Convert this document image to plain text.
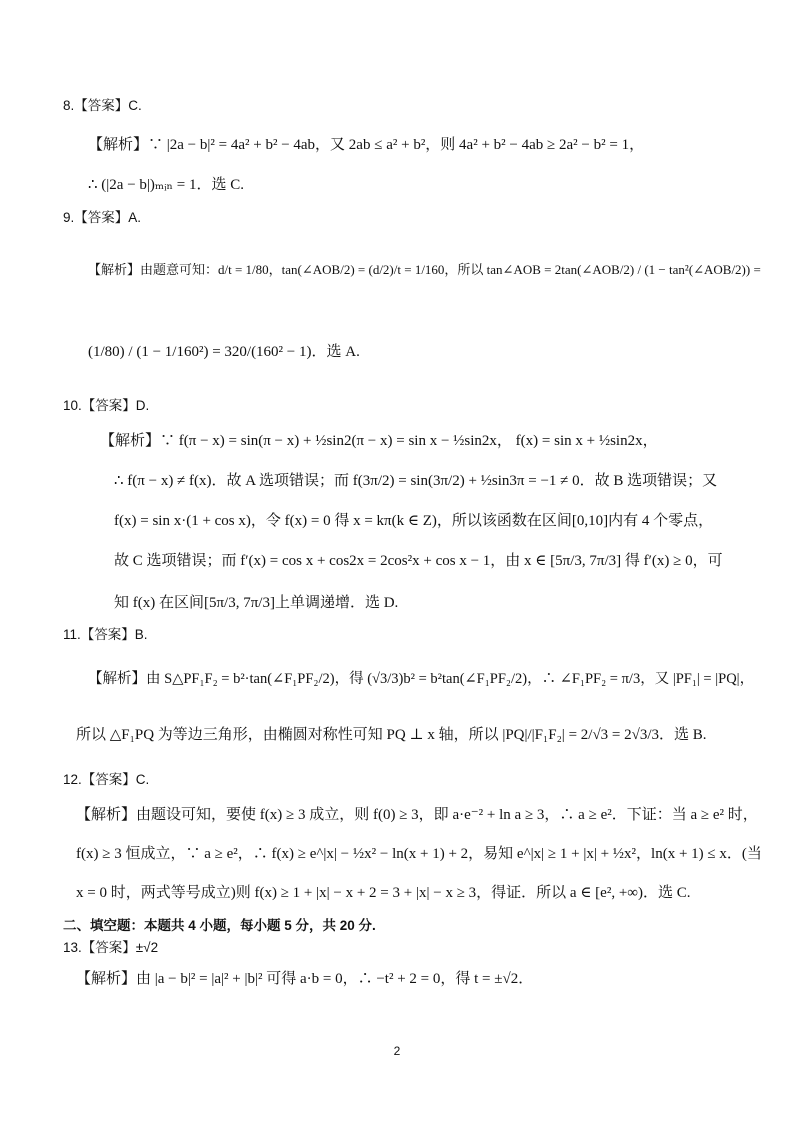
8.【答案】C.
【解析】∵ |2a − b|² = 4a² + b² − 4ab，又 2ab ≤ a² + b²，则 4a² + b² − 4ab ≥ 2a² − b² = 1，
∴ (|2a − b|)ₘᵢₙ = 1．选 C.
9.【答案】A.
【解析】由题意可知：d/t = 1/80，tan(∠AOB/2) = (d/2)/t = 1/160，所以 tan∠AOB = 2tan(∠AOB/2) / (1 − tan²(∠AOB/2)) =
(1/80) / (1 − 1/160²) = 320/(160² − 1)．选 A.
10.【答案】D.
【解析】∵ f(π − x) = sin(π − x) + ½sin2(π − x) = sin x − ½sin2x， f(x) = sin x + ½sin2x，
∴ f(π − x) ≠ f(x)．故 A 选项错误；而 f(3π/2) = sin(3π/2) + ½sin3π = −1 ≠ 0．故 B 选项错误；又
f(x) = sin x·(1 + cos x)，令 f(x) = 0 得 x = kπ(k ∈ Z)，所以该函数在区间[0,10]内有 4 个零点，
故 C 选项错误；而 f′(x) = cos x + cos2x = 2cos²x + cos x − 1，由 x ∈ [5π/3, 7π/3] 得 f′(x) ≥ 0，可
知 f(x) 在区间[5π/3, 7π/3]上单调递增．选 D.
11.【答案】B.
【解析】由 S△PF₁F₂ = b²·tan(∠F₁PF₂/2)，得 (√3/3)b² = b²tan(∠F₁PF₂/2)，∴ ∠F₁PF₂ = π/3，又 |PF₁| = |PQ|，
所以 △F₁PQ 为等边三角形，由椭圆对称性可知 PQ ⊥ x 轴，所以 |PQ|/|F₁F₂| = 2/√3 = 2√3/3．选 B.
12.【答案】C.
【解析】由题设可知，要使 f(x) ≥ 3 成立，则 f(0) ≥ 3，即 a·e⁻² + ln a ≥ 3，∴ a ≥ e²．下证：当 a ≥ e² 时，
f(x) ≥ 3 恒成立，∵ a ≥ e²，∴ f(x) ≥ e^|x| − ½x² − ln(x + 1) + 2，易知 e^|x| ≥ 1 + |x| + ½x²，ln(x + 1) ≤ x．(当
x = 0 时，两式等号成立)则 f(x) ≥ 1 + |x| − x + 2 = 3 + |x| − x ≥ 3，得证．所以 a ∈ [e², +∞)．选 C.
二、填空题：本题共 4 小题，每小题 5 分，共 20 分.
13.【答案】±√2
【解析】由 |a − b|² = |a|² + |b|² 可得 a·b = 0，∴ −t² + 2 = 0，得 t = ±√2．
2
